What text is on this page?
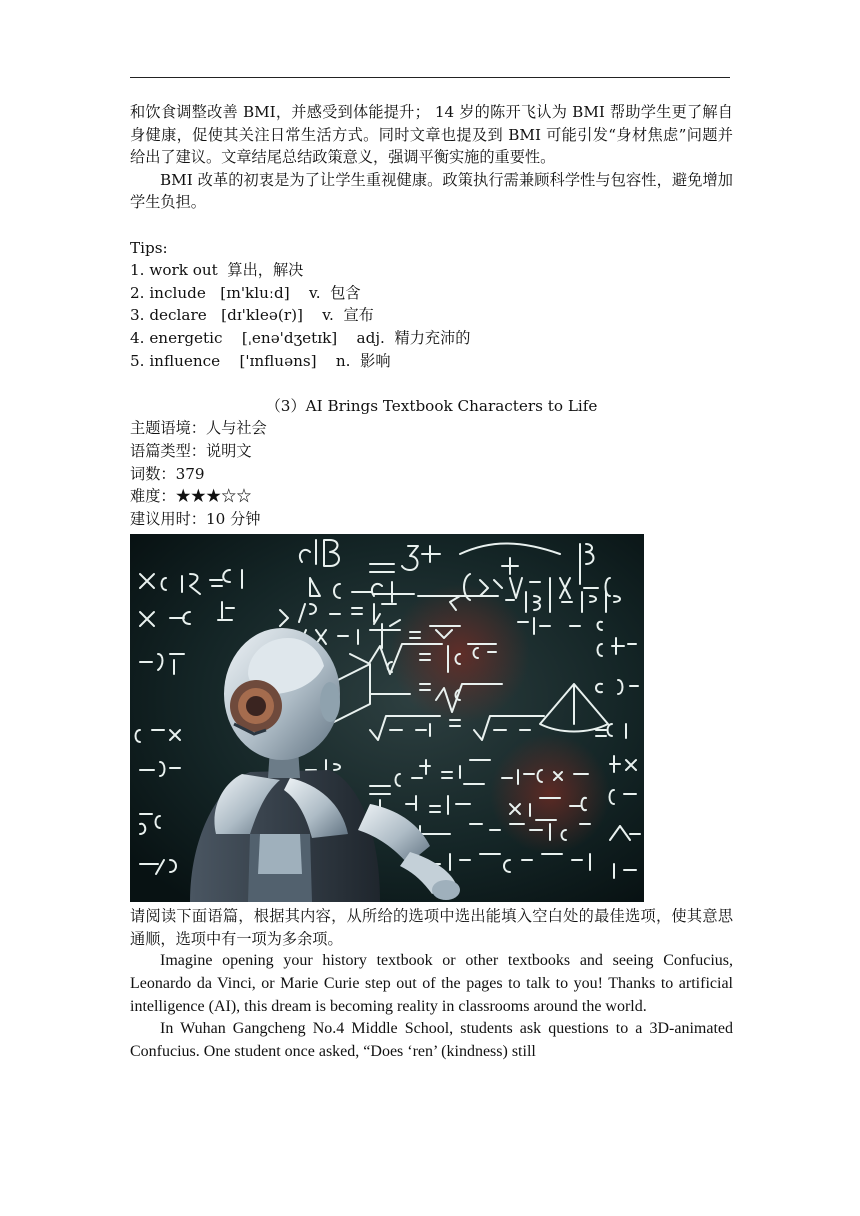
和饮食调整改善 BMI，并感受到体能提升； 14 岁的陈开飞认为 BMI 帮助学生更了解自身健康，促使其关注日常生活方式。同时文章也提及到 BMI 可能引发“身材焦虑”问题并给出了建议。文章结尾总结政策意义，强调平衡实施的重要性。

BMI 改革的初衷是为了让学生重视健康。政策执行需兼顾科学性与包容性，避免增加学生负担。

Tips:

1. work out  算出，解决

2. include   [ɪn'kluːd]    v.  包含

3. declare   [dɪ'kleə(r)]    v.  宣布

4. energetic    [ˌenə'dʒetɪk]    adj.  精力充沛的

5. influence    ['ɪnfluəns]    n.  影响

（3）AI Brings Textbook Characters to Life

主题语境：人与社会

语篇类型：说明文

词数：379

难度：★★★☆☆

建议用时：10 分钟

请阅读下面语篇，根据其内容，从所给的选项中选出能填入空白处的最佳选项，使其意思通顺，选项中有一项为多余项。

Imagine opening your history textbook or other textbooks and seeing Confucius, Leonardo da Vinci, or Marie Curie step out of the pages to talk to you! Thanks to artificial intelligence (AI), this dream is becoming reality in classrooms around the world.

In Wuhan Gangcheng No.4 Middle School, students ask questions to a 3D-animated Confucius. One student once asked, “Does ‘ren’ (kindness) still
